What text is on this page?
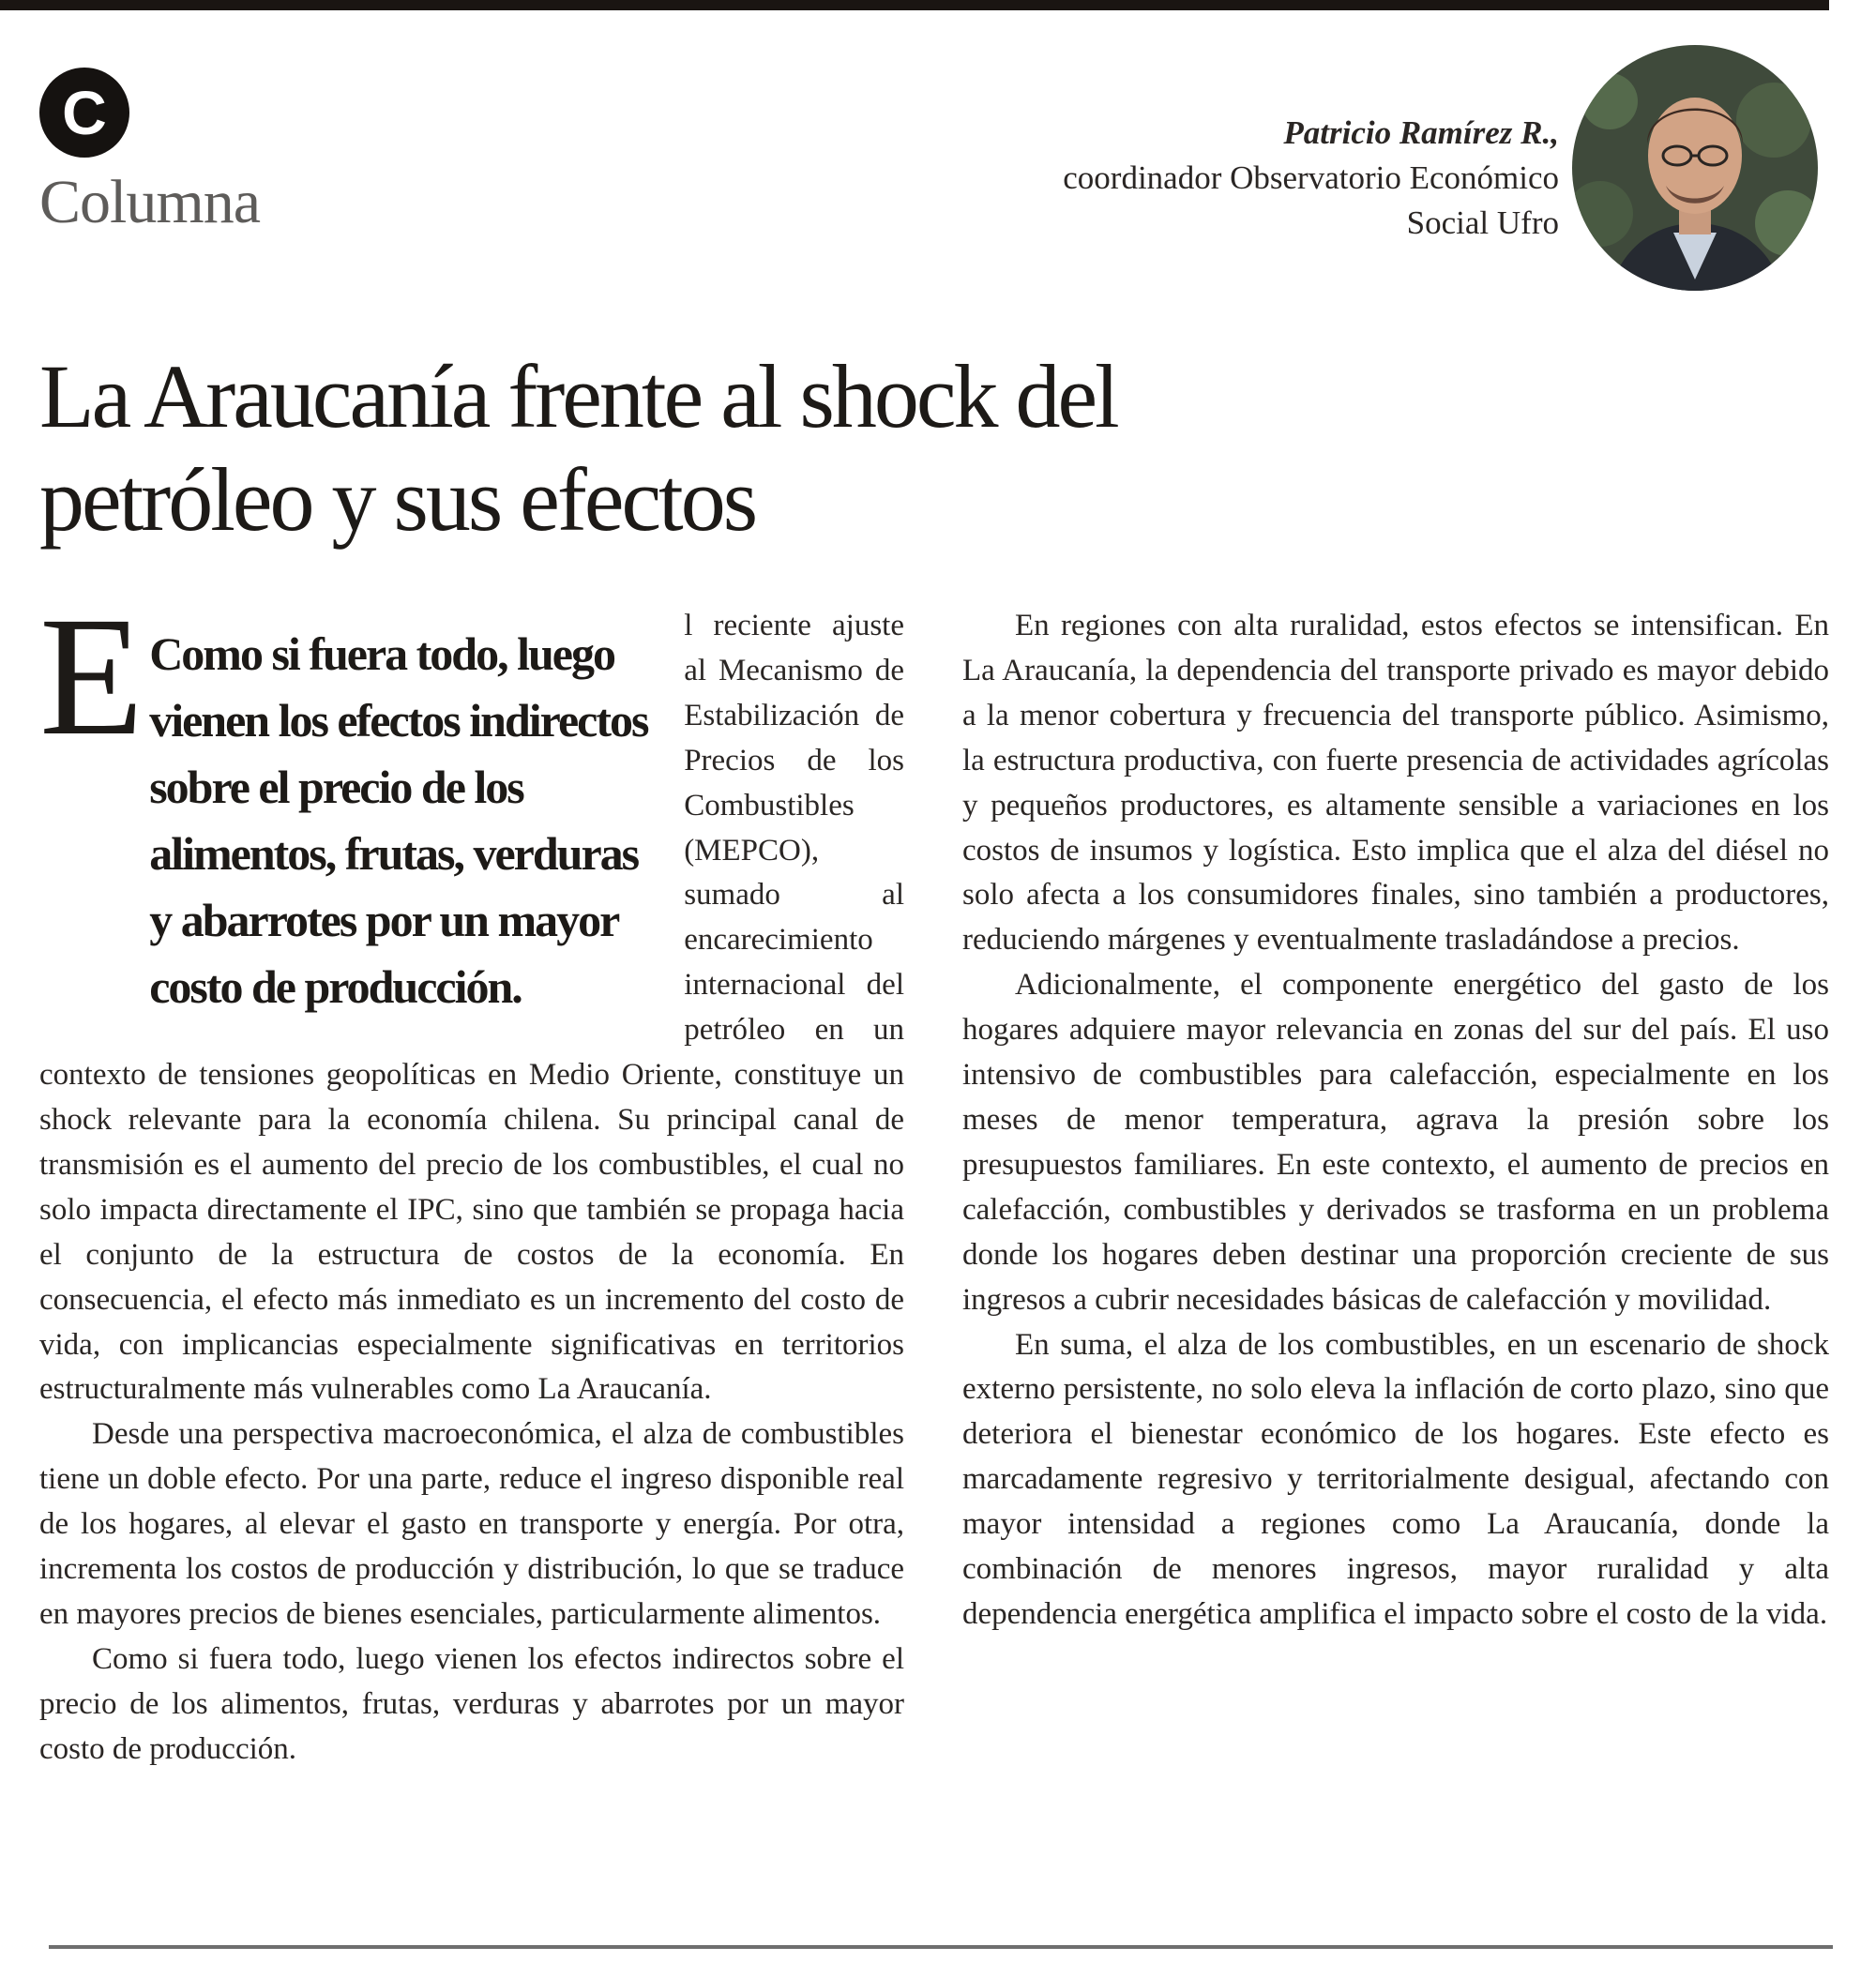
C
Columna
Patricio Ramírez R.,
coordinador Observatorio Económico
Social Ufro
La Araucanía frente al shock del
petróleo y sus efectos

E Como si fuera todo, luego vienen los efectos indirectos sobre el precio de los alimentos, frutas, verduras y abarrotes por un mayor costo de producción.
l reciente ajuste al Mecanismo de Estabilización de Precios de los Combustibles (MEPCO), sumado al encarecimiento internacional del petróleo en un contexto de tensiones geopolíticas en Medio Oriente, constituye un shock relevante para la economía chilena. Su principal canal de transmisión es el aumento del precio de los combustibles, el cual no solo impacta directamente el IPC, sino que también se propaga hacia el conjunto de la estructura de costos de la economía. En consecuencia, el efecto más inmediato es un incremento del costo de vida, con implicancias especialmente significativas en territorios estructuralmente más vulnerables como La Araucanía.

Desde una perspectiva macroeconómica, el alza de combustibles tiene un doble efecto. Por una parte, reduce el ingreso disponible real de los hogares, al elevar el gasto en transporte y energía. Por otra, incrementa los costos de producción y distribución, lo que se traduce en mayores precios de bienes esenciales, particularmente alimentos.

Como si fuera todo, luego vienen los efectos indirectos sobre el precio de los alimentos, frutas, verduras y abarrotes por un mayor costo de producción.

En regiones con alta ruralidad, estos efectos se intensifican. En La Araucanía, la dependencia del transporte privado es mayor debido a la menor cobertura y frecuencia del transporte público. Asimismo, la estructura productiva, con fuerte presencia de actividades agrícolas y pequeños productores, es altamente sensible a variaciones en los costos de insumos y logística. Esto implica que el alza del diésel no solo afecta a los consumidores finales, sino también a productores, reduciendo márgenes y eventualmente trasladándose a precios.

Adicionalmente, el componente energético del gasto de los hogares adquiere mayor relevancia en zonas del sur del país. El uso intensivo de combustibles para calefacción, especialmente en los meses de menor temperatura, agrava la presión sobre los presupuestos familiares. En este contexto, el aumento de precios en calefacción, combustibles y derivados se trasforma en un problema donde los hogares deben destinar una proporción creciente de sus ingresos a cubrir necesidades básicas de calefacción y movilidad.

En suma, el alza de los combustibles, en un escenario de shock externo persistente, no solo eleva la inflación de corto plazo, sino que deteriora el bienestar económico de los hogares. Este efecto es marcadamente regresivo y territorialmente desigual, afectando con mayor intensidad a regiones como La Araucanía, donde la combinación de menores ingresos, mayor ruralidad y alta dependencia energética amplifica el impacto sobre el costo de la vida.
